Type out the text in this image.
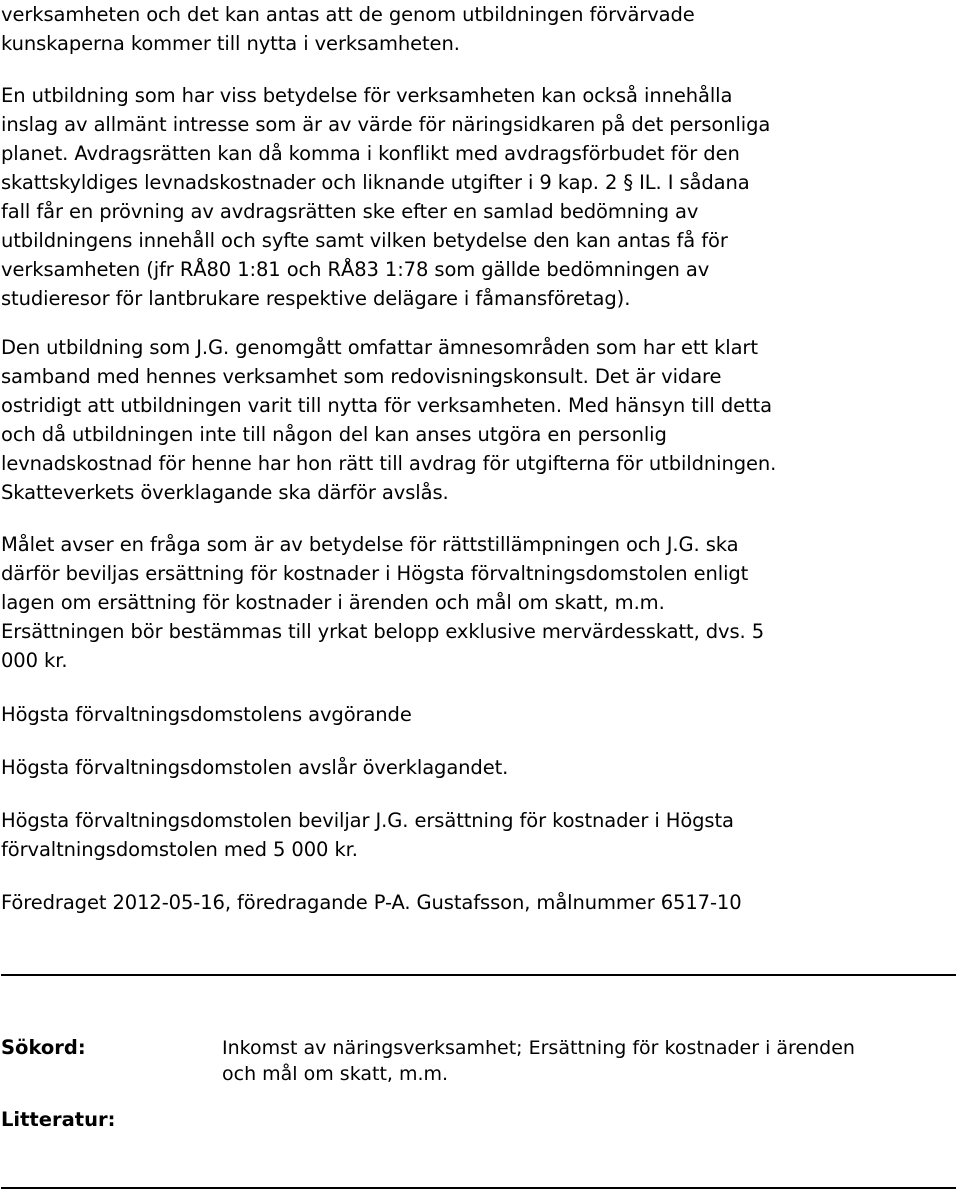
verksamheten och det kan antas att de genom utbildningen förvärvade
kunskaperna kommer till nytta i verksamheten.

En utbildning som har viss betydelse för verksamheten kan också innehålla
inslag av allmänt intresse som är av värde för näringsidkaren på det personliga
planet. Avdragsrätten kan då komma i konflikt med avdragsförbudet för den
skattskyldiges levnadskostnader och liknande utgifter i 9 kap. 2 § IL. I sådana
fall får en prövning av avdragsrätten ske efter en samlad bedömning av
utbildningens innehåll och syfte samt vilken betydelse den kan antas få för
verksamheten (jfr RÅ80 1:81 och RÅ83 1:78 som gällde bedömningen av
studieresor för lantbrukare respektive delägare i fåmansföretag).

Den utbildning som J.G. genomgått omfattar ämnesområden som har ett klart
samband med hennes verksamhet som redovisningskonsult. Det är vidare
ostridigt att utbildningen varit till nytta för verksamheten. Med hänsyn till detta
och då utbildningen inte till någon del kan anses utgöra en personlig
levnadskostnad för henne har hon rätt till avdrag för utgifterna för utbildningen.
Skatteverkets överklagande ska därför avslås.

Målet avser en fråga som är av betydelse för rättstillämpningen och J.G. ska
därför beviljas ersättning för kostnader i Högsta förvaltningsdomstolen enligt
lagen om ersättning för kostnader i ärenden och mål om skatt, m.m.
Ersättningen bör bestämmas till yrkat belopp exklusive mervärdesskatt, dvs. 5
000 kr.

Högsta förvaltningsdomstolens avgörande

Högsta förvaltningsdomstolen avslår överklagandet.

Högsta förvaltningsdomstolen beviljar J.G. ersättning för kostnader i Högsta
förvaltningsdomstolen med 5 000 kr.

Föredraget 2012-05-16, föredragande P-A. Gustafsson, målnummer 6517-10

Sökord:	Inkomst av näringsverksamhet; Ersättning för kostnader i ärenden
och mål om skatt, m.m.
Litteratur:
